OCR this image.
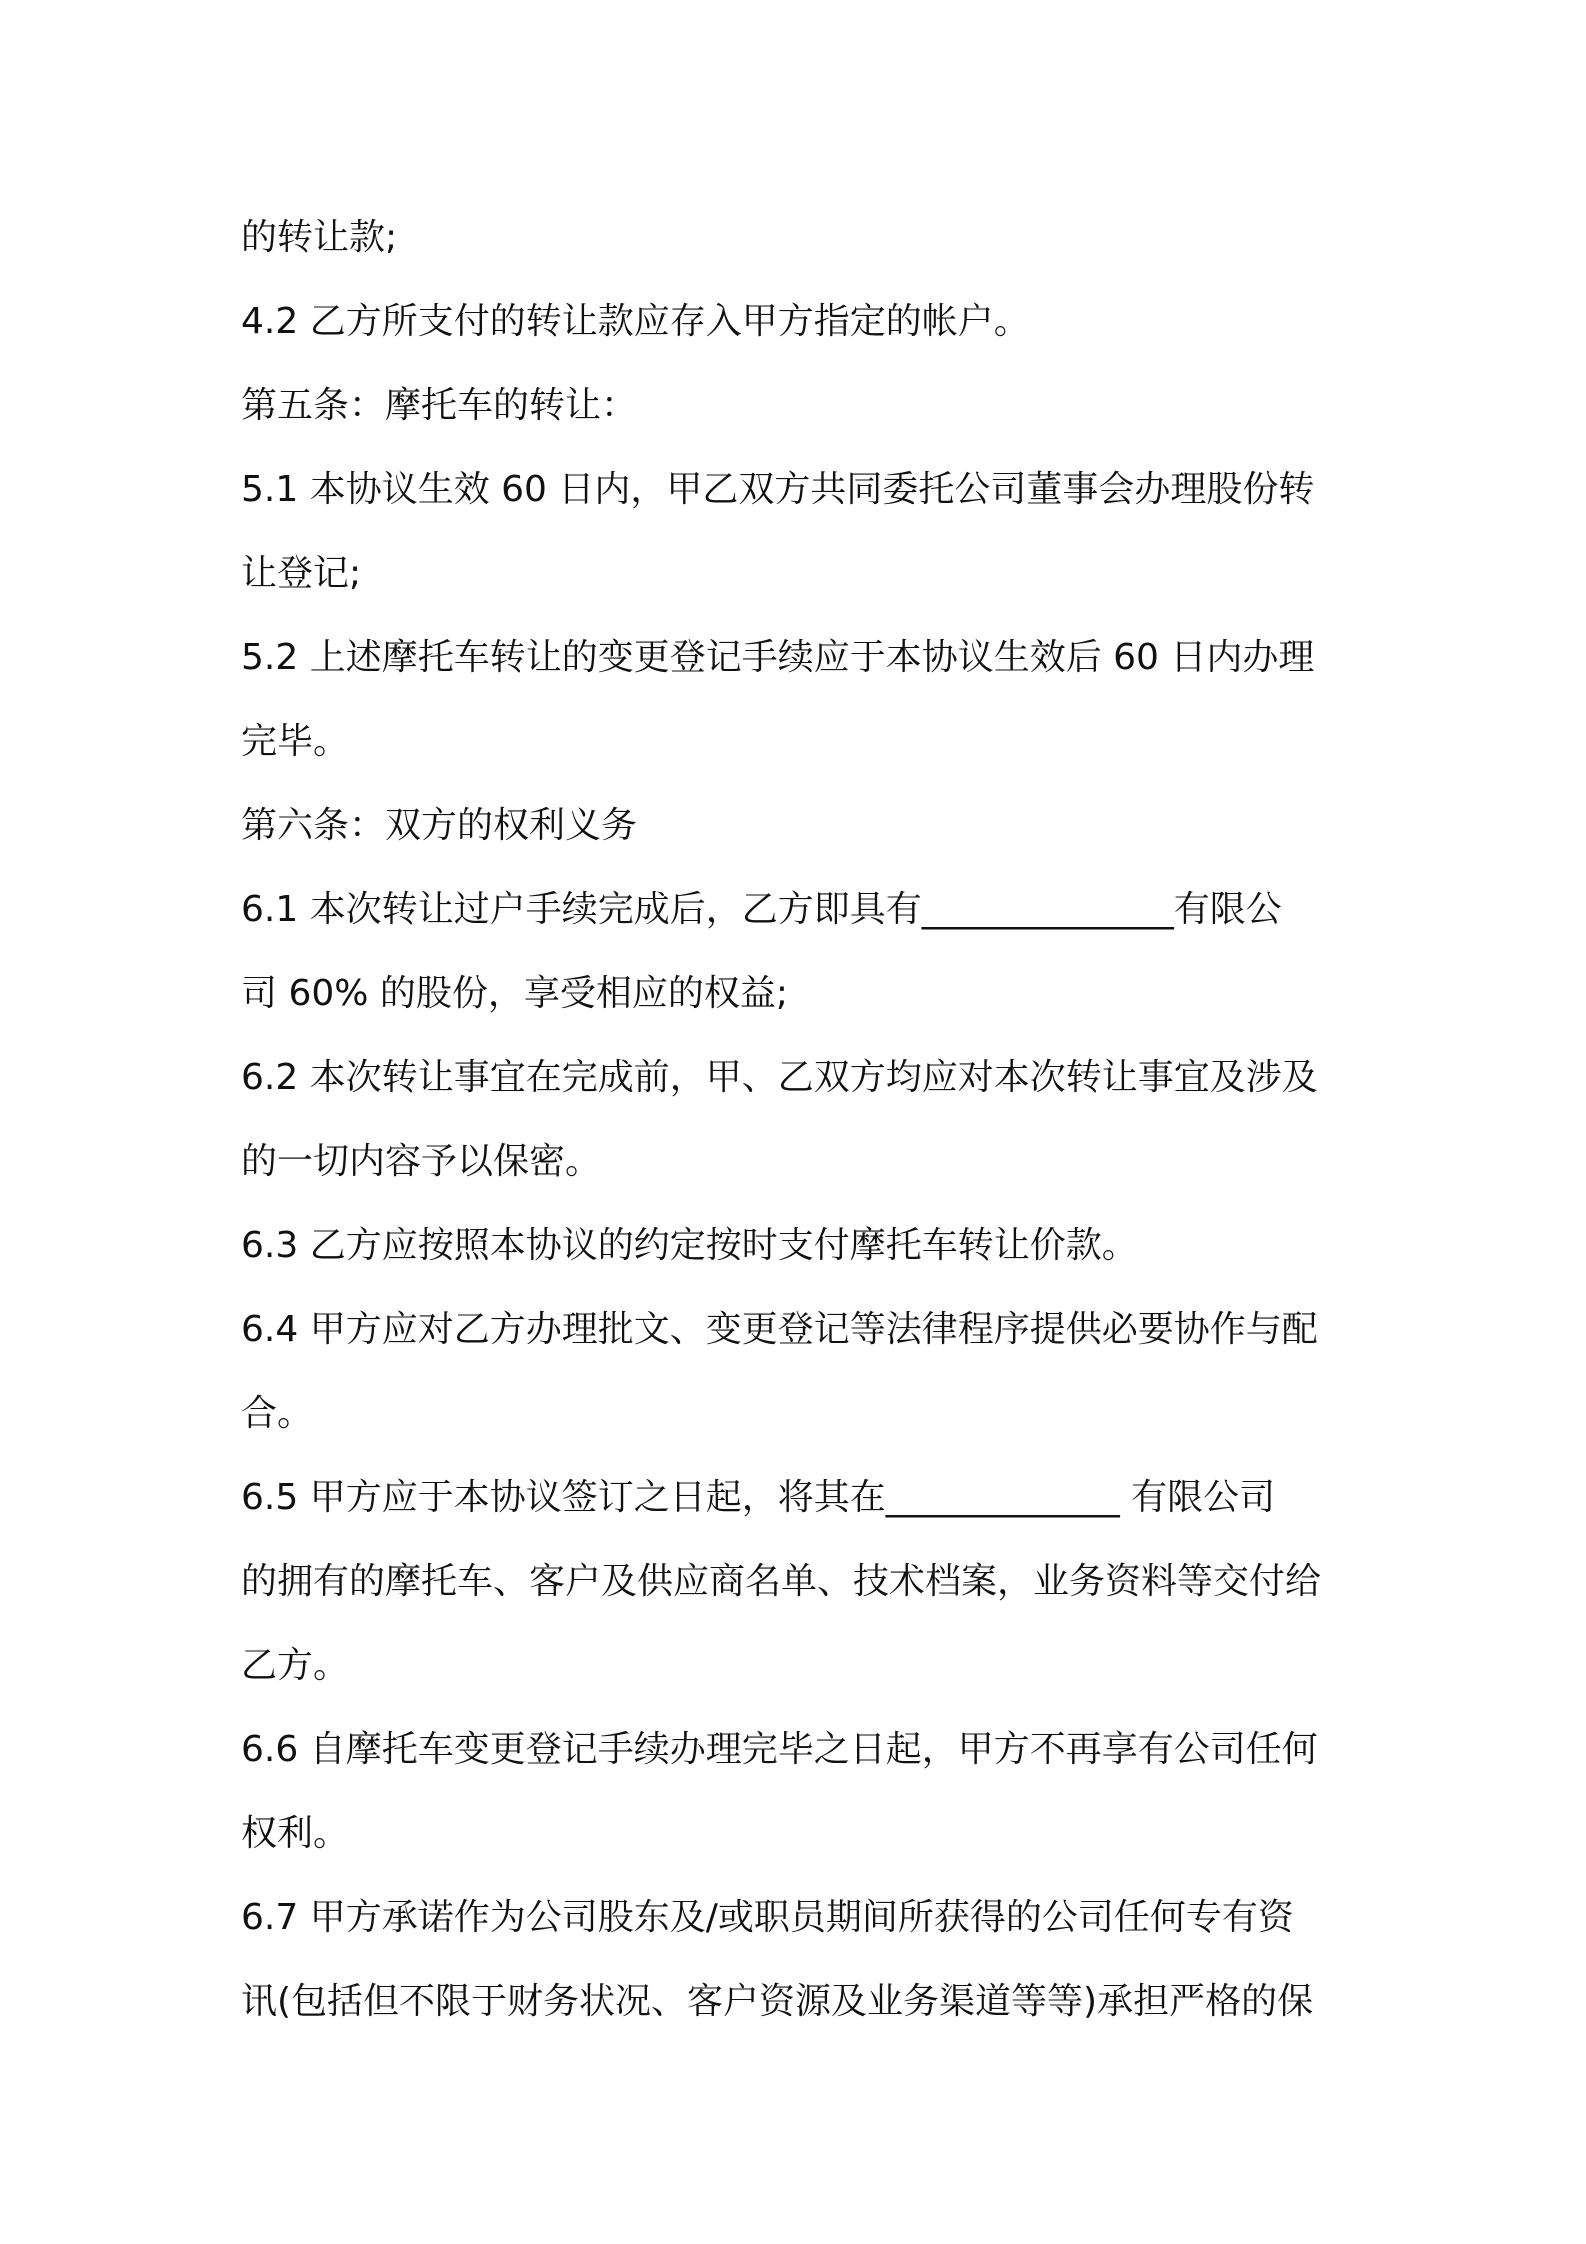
的转让款;
4.2 乙方所支付的转让款应存入甲方指定的帐户。
第五条：摩托车的转让：
5.1 本协议生效 60 日内，甲乙双方共同委托公司董事会办理股份转
让登记;
5.2 上述摩托车转让的变更登记手续应于本协议生效后 60 日内办理
完毕。
第六条：双方的权利义务
6.1 本次转让过户手续完成后，乙方即具有______________有限公
司 60% 的股份，享受相应的权益;
6.2 本次转让事宜在完成前，甲、乙双方均应对本次转让事宜及涉及
的一切内容予以保密。
6.3 乙方应按照本协议的约定按时支付摩托车转让价款。
6.4 甲方应对乙方办理批文、变更登记等法律程序提供必要协作与配
合。
6.5 甲方应于本协议签订之日起，将其在_____________ 有限公司
的拥有的摩托车、客户及供应商名单、技术档案，业务资料等交付给
乙方。
6.6 自摩托车变更登记手续办理完毕之日起，甲方不再享有公司任何
权利。
6.7 甲方承诺作为公司股东及/或职员期间所获得的公司任何专有资
讯(包括但不限于财务状况、客户资源及业务渠道等等)承担严格的保
